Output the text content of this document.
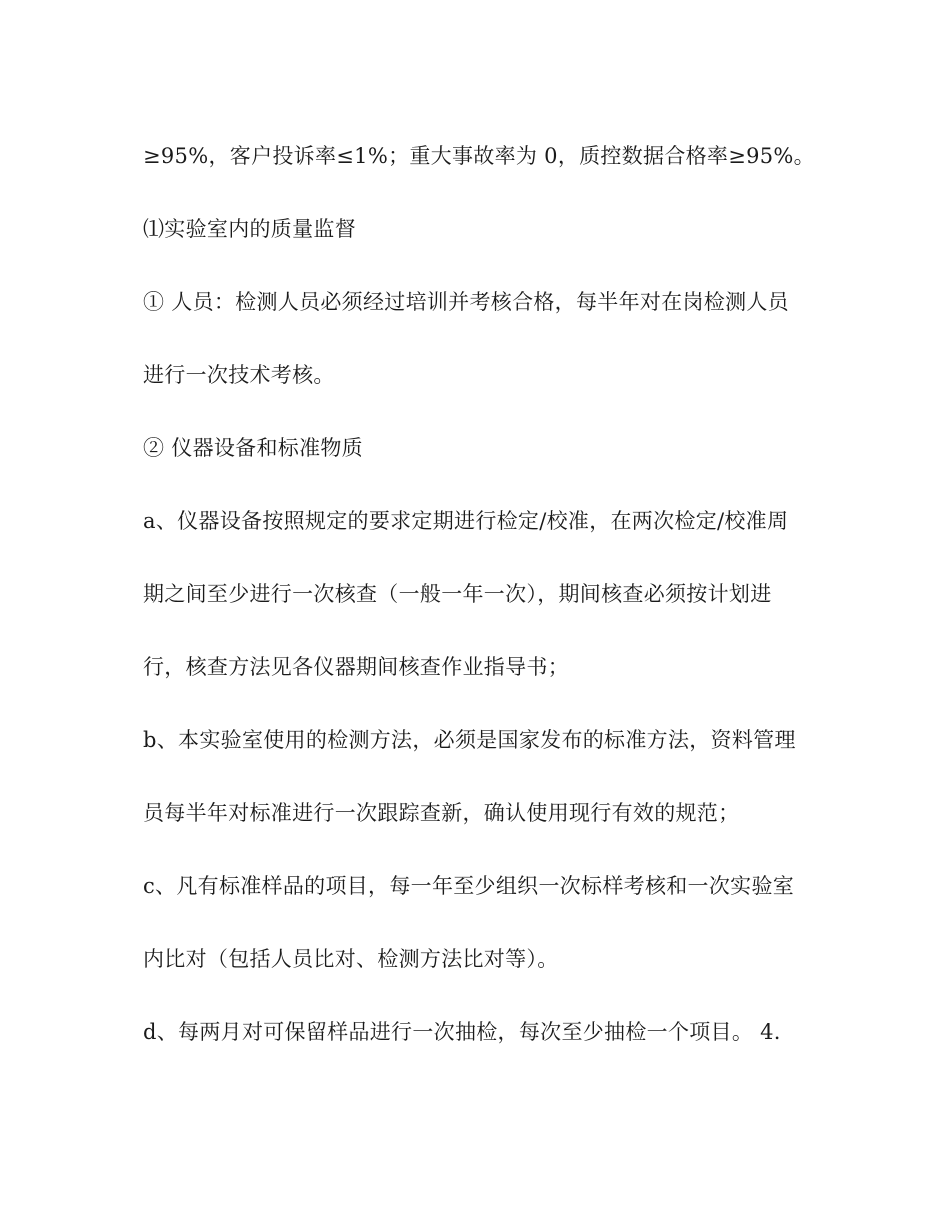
≥95%，客户投诉率≤1%；重大事故率为 0，质控数据合格率≥95%。
⑴实验室内的质量监督
① 人员：检测人员必须经过培训并考核合格，每半年对在岗检测人员
进行一次技术考核。
② 仪器设备和标准物质
a、仪器设备按照规定的要求定期进行检定/校准，在两次检定/校准周
期之间至少进行一次核查（一般一年一次），期间核查必须按计划进
行，核查方法见各仪器期间核查作业指导书；
b、本实验室使用的检测方法，必须是国家发布的标准方法，资料管理
员每半年对标准进行一次跟踪查新，确认使用现行有效的规范；
c、凡有标准样品的项目，每一年至少组织一次标样考核和一次实验室
内比对（包括人员比对、检测方法比对等）。
d、每两月对可保留样品进行一次抽检，每次至少抽检一个项目。 4.
